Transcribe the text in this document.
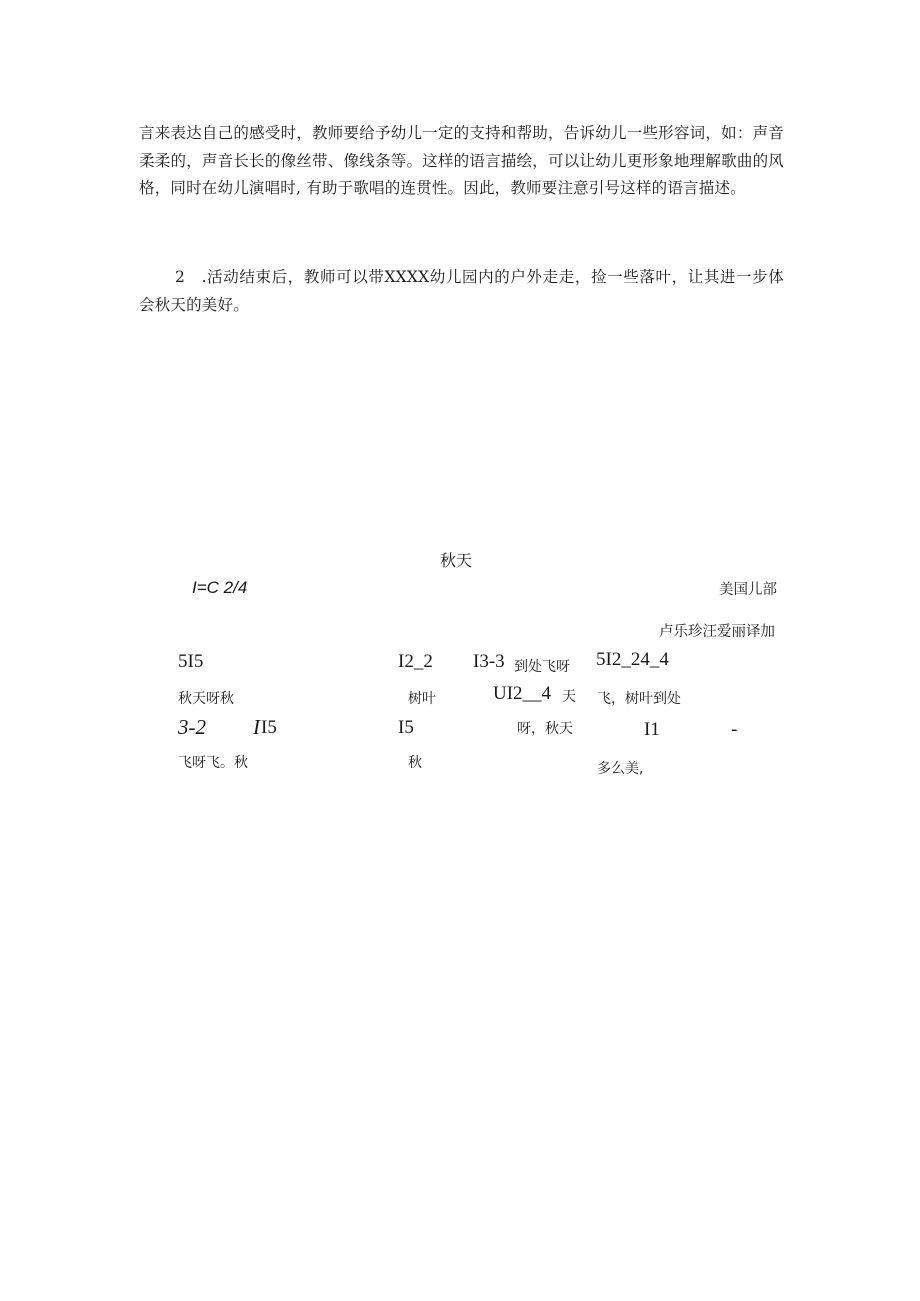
言来表达自己的感受时，教师要给予幼儿一定的支持和帮助，告诉幼儿一些形容词，如：声音柔柔的，声音长长的像丝带、像线条等。这样的语言描绘，可以让幼儿更形象地理解歌曲的风格，同时在幼儿演唱时, 有助于歌唱的连贯性。因此，教师要注意引号这样的语言描述。

2　.活动结束后，教师可以带XXXX幼儿园内的户外走走，捡一些落叶，让其进一步体会秋天的美好。

秋天
I=C 2/4	美国儿部
卢乐珍汪爱丽译加
5I5	I2_2 I3-3 到处飞呀 5I2_24_4
秋天呀秋	树叶	UI2__4 天 飞，树叶到处
3-2 I I5	I5	呀，秋天	I1	-
飞呀飞。秋	秋	多么美,
